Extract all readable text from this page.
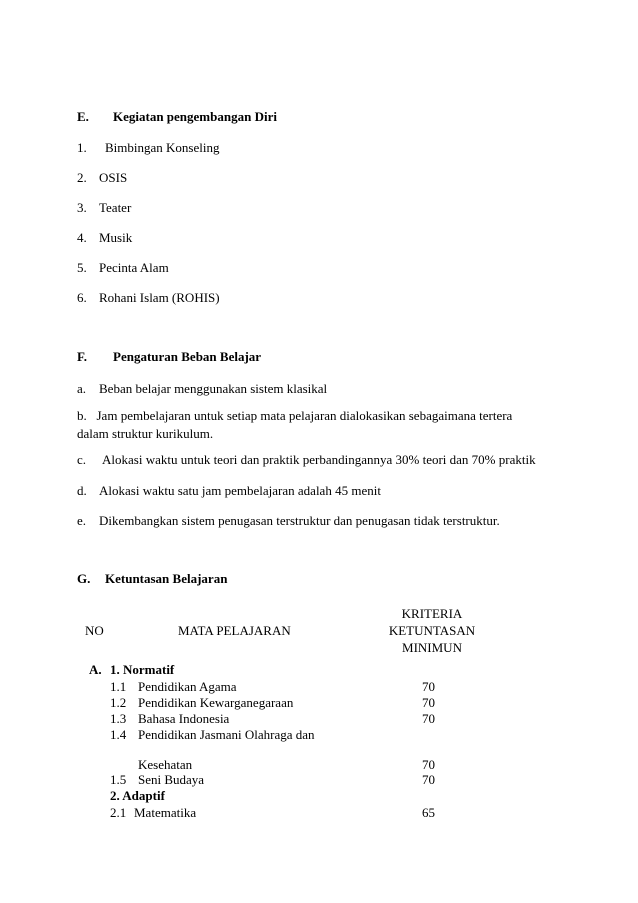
E. Kegiatan pengembangan Diri
1. Bimbingan Konseling
2. OSIS
3. Teater
4. Musik
5. Pecinta Alam
6. Rohani Islam (ROHIS)
F. Pengaturan Beban Belajar
a. Beban belajar menggunakan sistem klasikal
b. Jam pembelajaran untuk setiap mata pelajaran dialokasikan sebagaimana tertera dalam struktur kurikulum.
c. Alokasi waktu untuk teori dan praktik perbandingannya 30% teori dan 70% praktik
d. Alokasi waktu satu jam pembelajaran adalah 45 menit
e. Dikembangkan sistem penugasan terstruktur dan penugasan tidak terstruktur.
G. Ketuntasan Belajaran
NO	MATA PELAJARAN
KRITERIA
KETUNTASAN
MINIMUN
A. 1. Normatif
1.1 Pendidikan Agama	70
1.2 Pendidikan Kewarganegaraan	70
1.3 Bahasa Indonesia	70
1.4 Pendidikan Jasmani Olahraga dan
Kesehatan	70
1.5 Seni Budaya	70
2. Adaptif
2.1 Matematika	65
